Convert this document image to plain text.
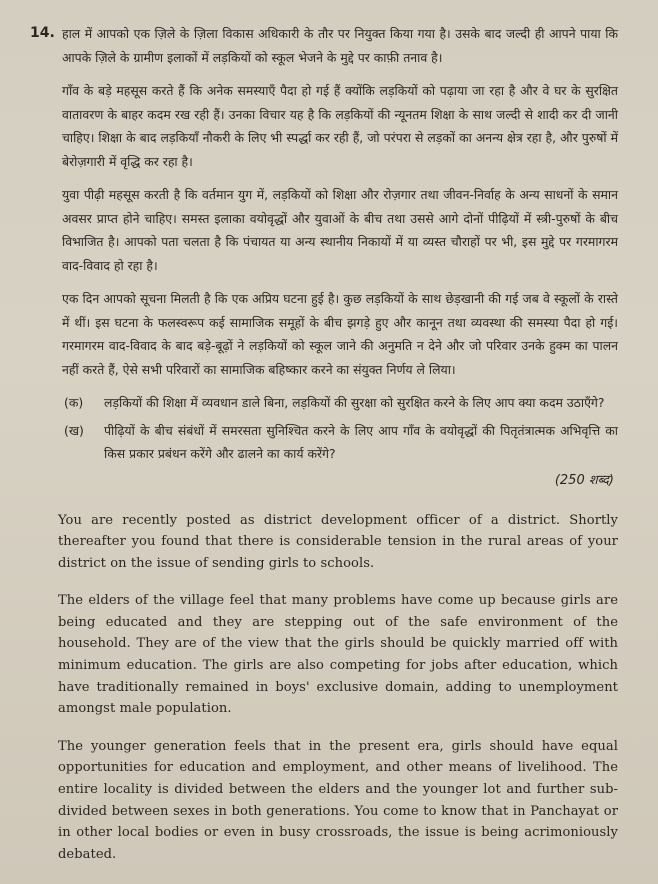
14. हाल में आपको एक ज़िले के ज़िला विकास अधिकारी के तौर पर नियुक्त किया गया है। उसके बाद जल्दी ही आपने पाया कि आपके ज़िले के ग्रामीण इलाकों में लड़कियों को स्कूल भेजने के मुद्दे पर काफ़ी तनाव है।

गाँव के बड़े महसूस करते हैं कि अनेक समस्याएँ पैदा हो गई हैं क्योंकि लड़कियों को पढ़ाया जा रहा है और वे घर के सुरक्षित वातावरण के बाहर कदम रख रही हैं। उनका विचार यह है कि लड़कियों की न्यूनतम शिक्षा के साथ जल्दी से शादी कर दी जानी चाहिए। शिक्षा के बाद लड़कियाँ नौकरी के लिए भी स्पर्द्धा कर रही हैं, जो परंपरा से लड़कों का अनन्य क्षेत्र रहा है, और पुरुषों में बेरोज़गारी में वृद्धि कर रहा है।

युवा पीढ़ी महसूस करती है कि वर्तमान युग में, लड़कियों को शिक्षा और रोज़गार तथा जीवन-निर्वाह के अन्य साधनों के समान अवसर प्राप्त होने चाहिए। समस्त इलाका वयोवृद्धों और युवाओं के बीच तथा उससे आगे दोनों पीढ़ियों में स्त्री-पुरुषों के बीच विभाजित है। आपको पता चलता है कि पंचायत या अन्य स्थानीय निकायों में या व्यस्त चौराहों पर भी, इस मुद्दे पर गरमागरम वाद-विवाद हो रहा है।

एक दिन आपको सूचना मिलती है कि एक अप्रिय घटना हुई है। कुछ लड़कियों के साथ छेड़खानी की गई जब वे स्कूलों के रास्ते में थीं। इस घटना के फलस्वरूप कई सामाजिक समूहों के बीच झगड़े हुए और कानून तथा व्यवस्था की समस्या पैदा हो गई। गरमागरम वाद-विवाद के बाद बड़े-बूढ़ों ने लड़कियों को स्कूल जाने की अनुमति न देने और जो परिवार उनके हुक्म का पालन नहीं करते हैं, ऐसे सभी परिवारों का सामाजिक बहिष्कार करने का संयुक्त निर्णय ले लिया।

(क)	लड़कियों की शिक्षा में व्यवधान डाले बिना, लड़कियों की सुरक्षा को सुरक्षित करने के लिए आप क्या कदम उठाएँगे?
(ख)	पीढ़ियों के बीच संबंधों में समरसता सुनिश्चित करने के लिए आप गाँव के वयोवृद्धों की पितृतंत्रात्मक अभिवृत्ति का किस प्रकार प्रबंधन करेंगे और ढालने का कार्य करेंगे?
(250 शब्द)

You are recently posted as district development officer of a district. Shortly thereafter you found that there is considerable tension in the rural areas of your district on the issue of sending girls to schools.

The elders of the village feel that many problems have come up because girls are being educated and they are stepping out of the safe environment of the household. They are of the view that the girls should be quickly married off with minimum education. The girls are also competing for jobs after education, which have traditionally remained in boys' exclusive domain, adding to unemployment amongst male population.

The younger generation feels that in the present era, girls should have equal opportunities for education and employment, and other means of livelihood. The entire locality is divided between the elders and the younger lot and further sub-divided between sexes in both generations. You come to know that in Panchayat or in other local bodies or even in busy crossroads, the issue is being acrimoniously debated.
